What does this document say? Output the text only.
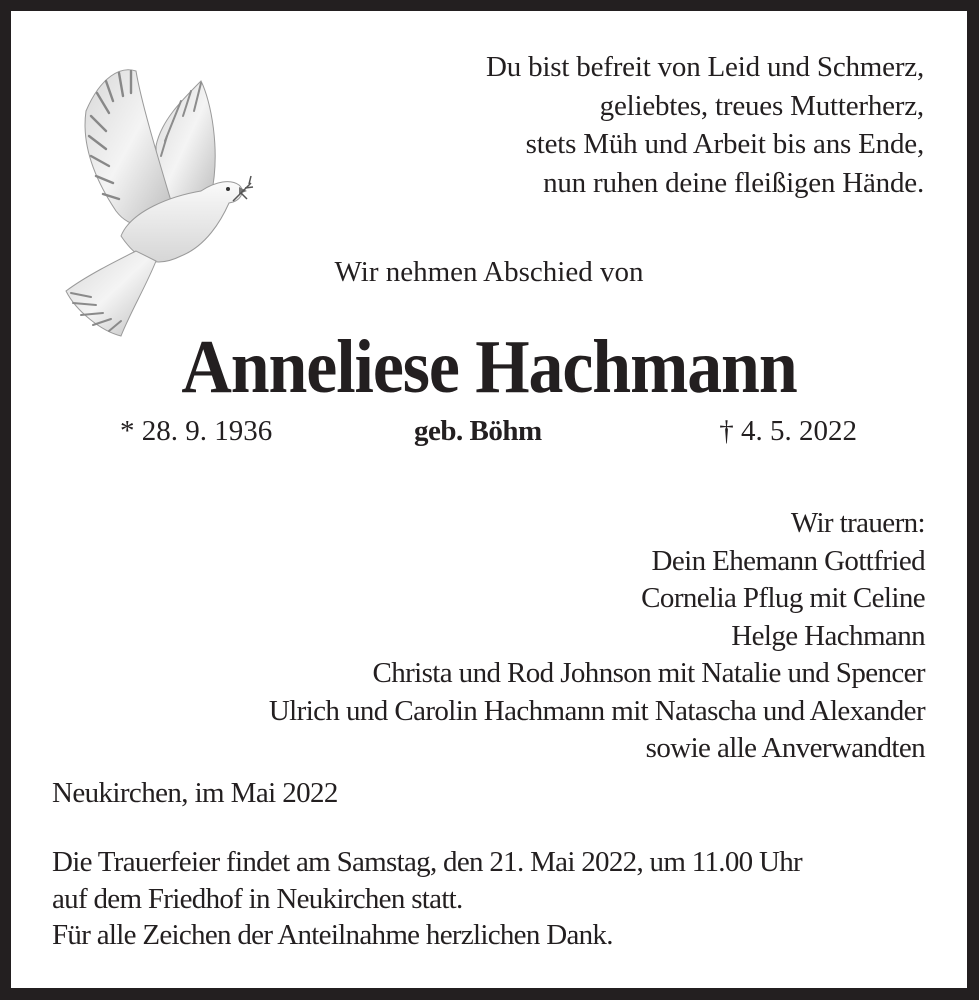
Du bist befreit von Leid und Schmerz,
geliebtes, treues Mutterherz,
stets Müh und Arbeit bis ans Ende,
nun ruhen deine fleißigen Hände.
Wir nehmen Abschied von
Anneliese Hachmann
* 28. 9. 1936	geb. Böhm	† 4. 5. 2022
Wir trauern:
Dein Ehemann Gottfried
Cornelia Pflug mit Celine
Helge Hachmann
Christa und Rod Johnson mit Natalie und Spencer
Ulrich und Carolin Hachmann mit Natascha und Alexander
sowie alle Anverwandten
Neukirchen, im Mai 2022
Die Trauerfeier findet am Samstag, den 21. Mai 2022, um 11.00 Uhr
auf dem Friedhof in Neukirchen statt.
Für alle Zeichen der Anteilnahme herzlichen Dank.
